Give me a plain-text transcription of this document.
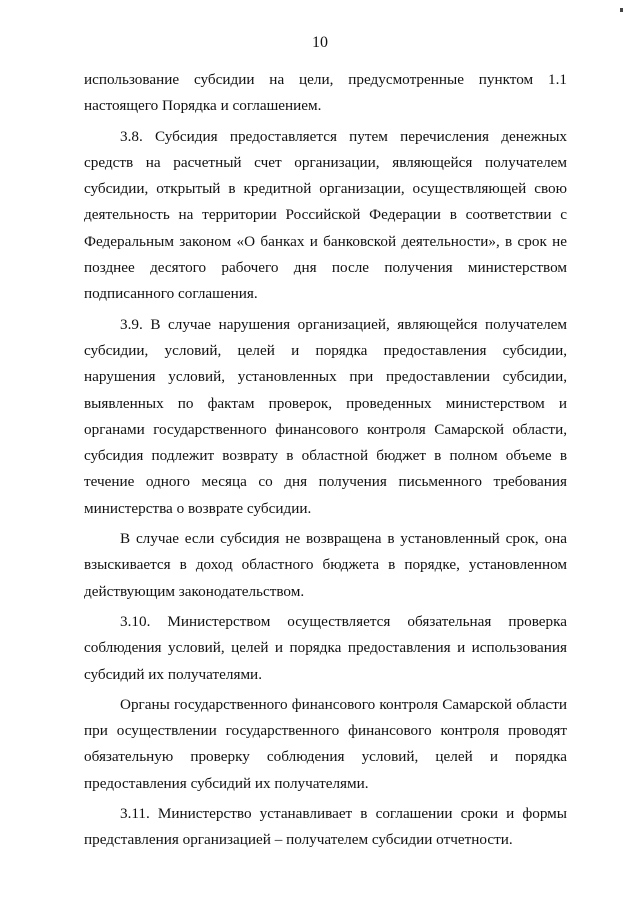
10

использование субсидии на цели, предусмотренные пунктом 1.1 настоящего Порядка и соглашением.

3.8. Субсидия предоставляется путем перечисления денежных средств на расчетный счет организации, являющейся получателем субсидии, открытый в кредитной организации, осуществляющей свою деятельность на территории Российской Федерации в соответствии с Федеральным законом «О банках и банковской деятельности», в срок не позднее десятого рабочего дня после получения министерством подписанного соглашения.

3.9. В случае нарушения организацией, являющейся получателем субсидии, условий, целей и порядка предоставления субсидии, нарушения условий, установленных при предоставлении субсидии, выявленных по фактам проверок, проведенных министерством и органами государственного финансового контроля Самарской области, субсидия подлежит возврату в областной бюджет в полном объеме в течение одного месяца со дня получения письменного требования министерства о возврате субсидии.

В случае если субсидия не возвращена в установленный срок, она взыскивается в доход областного бюджета в порядке, установленном действующим законодательством.

3.10. Министерством осуществляется обязательная проверка соблюдения условий, целей и порядка предоставления и использования субсидий их получателями.

Органы государственного финансового контроля Самарской области при осуществлении государственного финансового контроля проводят обязательную проверку соблюдения условий, целей и порядка предоставления субсидий их получателями.

3.11. Министерство устанавливает в соглашении сроки и формы представления организацией – получателем субсидии отчетности.
